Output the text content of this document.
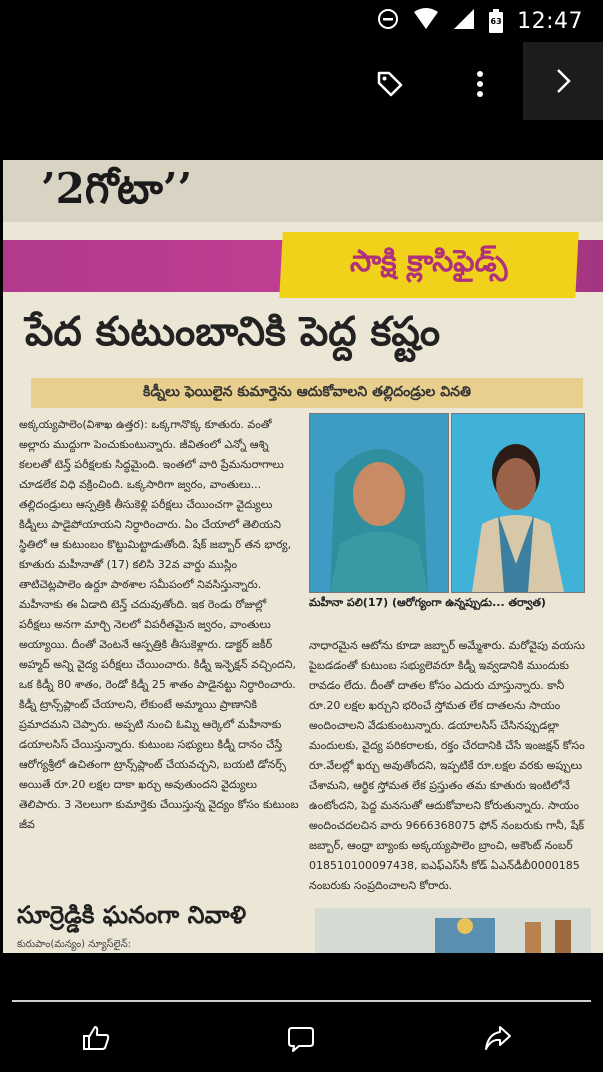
63 12:47
’2గోటా’’
సాక్షి క్లాసిఫైడ్స్
పేద కుటుంబానికి పెద్ద కష్టం
కిడ్నీలు ఫెయిలైన కుమార్తెను ఆదుకోవాలని తల్లిదండ్రుల వినతి
అక్కయ్యపాలెం(విశాఖ ఉత్తర): ఒక్కగానొక్క కూతురు. వంతో అల్లారు ముద్దుగా పెంచుకుంటున్నారు. జీవితంలో ఎన్నో ఆశ్ని కలలతో టెన్త్ పరీక్షలకు సిద్ధమైంది. ఇంతలో వారి ప్రేమనురాగాలు చూడలేక విధి వక్రించింది. ఒక్కసారిగా జ్వరం, వాంతులు... తల్లిదండ్రులు ఆస్పత్రికి తీసుకెళ్లి పరీక్షలు చేయించగా వైద్యులు కిడ్నీలు పాడైపోయాయని నిర్ధారించారు. ఏం చేయాలో తెలియని స్థితిలో ఆ కుటుంబం కొట్టుమిట్టాడుతోంది. షేక్ జబ్బార్ తన భార్య, కూతురు మహీనాతో (17) కలిసి 32వ వార్డు ముస్లిం తాటిచెట్లపాలెం ఉర్దూ పాఠశాల సమీపంలో నివసిస్తున్నారు. మహీనాకు ఈ ఏడాది టెన్త్ చదువుతోంది. ఇక రెండు రోజుల్లో పరీక్షలు అనగా మార్చి నెలలో విపరీతమైన జ్వరం, వాంతులు అయ్యాయి. దీంతో వెంటనే ఆస్పత్రికి తీసుకెళ్లారు. డాక్టర్ జకీర్ అహ్మద్ అన్ని వైద్య పరీక్షలు చేయించారు. కిడ్నీ ఇన్ఫెక్షన్ వచ్చిందని, ఒక కిడ్నీ 80 శాతం, రెండో కిడ్నీ 25 శాతం పాడైనట్టు నిర్ధారించారు. కిడ్నీ ట్రాన్స్‌ప్లాంట్ చేయాలని, లేకుంటే అమ్మాయి ప్రాణానికి ప్రమాదమని చెప్పారు. అప్పటి నుంచి ఓమ్ని ఆర్కెలో మహీనాకు డయాలసిస్ చేయిస్తున్నారు. కుటుంబ సభ్యులు కిడ్నీ దానం చేస్తే ఆరోగ్యశ్రీలో ఉచితంగా ట్రాన్స్‌ప్లాంట్ చేయవచ్చని, బయటి డోనర్స్ అయితే రూ.20 లక్షల దాకా ఖర్చు అవుతుందని వైద్యులు తెలిపారు. 3 నెలలుగా కుమార్తెకు చేయిస్తున్న వైద్యం కోసం కుటుంబ జీవ
మహీనా పలి(17) (ఆరోగ్యంగా ఉన్నప్పుడు... తర్వాత)
నాధారమైన ఆటోను కూడా జబ్బార్ అమ్మేశారు. మరోవైపు వయసు పైబడడంతో కుటుంబ సభ్యులెవరూ కిడ్నీ ఇవ్వడానికి ముందుకు రావడం లేదు. దీంతో దాతల కోసం ఎదురు చూస్తున్నారు. కానీ రూ.20 లక్షల ఖర్చుని భరించే స్తోమత లేక దాతలను సాయం అందించాలని వేడుకుంటున్నారు. డయాలసిస్ చేసినప్పుడల్లా మందులకు, వైద్య పరికరాలకు, రక్తం చేరదానికి చేసే ఇంజక్షన్ కోసం రూ.వేలల్లో ఖర్చు అవుతోందని, ఇప్పటికే రూ.లక్షల వరకు అప్పులు చేశామని, ఆర్థిక స్తోమత లేక ప్రస్తుతం తమ కూతురు ఇంటిలోనే ఉంటోందని, పెద్ద మనసుతో ఆదుకోవాలని కోరుతున్నారు. సాయం అందించదలచిన వారు 9666368075 ఫోన్ నంబరుకు గానీ, షేక్ జబ్బార్, ఆంధ్రా బ్యాంకు అక్కయ్యపాలెం బ్రాంచి, అకౌంట్ నంబర్ 018510100097438, ఐఎఫ్‌ఎస్‌సీ కోడ్ ఏఎన్‌డీబీ0000185 నంబరుకు సంప్రదించాలని కోరారు.
సూర్రెడ్డికి ఘనంగా నివాళి
కురుపాం(మన్యం) న్యూస్‌లైన్:
